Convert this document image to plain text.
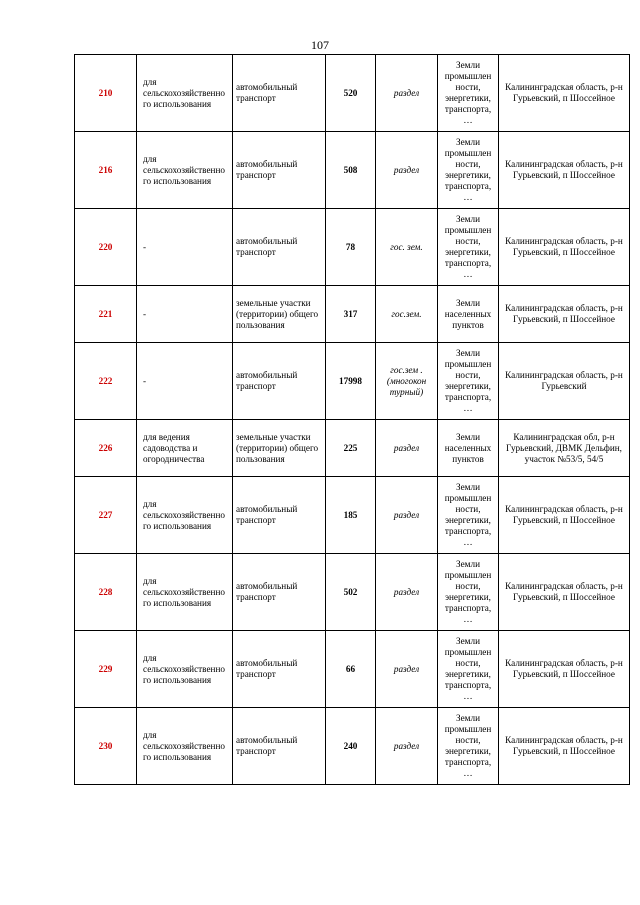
107
210	для сельскохозяйственно го использования	автомобильный транспорт	520	раздел	Земли промышлен ности, энергетики, транспорта, …	Калининградская область, р-н Гурьевский, п Шоссейное
216	для сельскохозяйственно го использования	автомобильный транспорт	508	раздел	Земли промышлен ности, энергетики, транспорта, …	Калининградская область, р-н Гурьевский, п Шоссейное
220	-	автомобильный транспорт	78	гос. зем.	Земли промышлен ности, энергетики, транспорта, …	Калининградская область, р-н Гурьевский, п Шоссейное
221	-	земельные участки (территории) общего пользования	317	гос.зем.	Земли населенных пунктов	Калининградская область, р-н Гурьевский, п Шоссейное
222	-	автомобильный транспорт	17998	гос.зем .(многокон турный)	Земли промышлен ности, энергетики, транспорта, …	Калининградская область, р-н Гурьевский
226	для ведения садоводства и огородничества	земельные участки (территории) общего пользования	225	раздел	Земли населенных пунктов	Калининградская обл, р-н Гурьевский, ДВМК Дельфин, участок №53/5, 54/5
227	для сельскохозяйственно го использования	автомобильный транспорт	185	раздел	Земли промышлен ности, энергетики, транспорта, …	Калининградская область, р-н Гурьевский, п Шоссейное
228	для сельскохозяйственно го использования	автомобильный транспорт	502	раздел	Земли промышлен ности, энергетики, транспорта, …	Калининградская область, р-н Гурьевский, п Шоссейное
229	для сельскохозяйственно го использования	автомобильный транспорт	66	раздел	Земли промышлен ности, энергетики, транспорта, …	Калининградская область, р-н Гурьевский, п Шоссейное
230	для сельскохозяйственно го использования	автомобильный транспорт	240	раздел	Земли промышлен ности, энергетики, транспорта, …	Калининградская область, р-н Гурьевский, п Шоссейное
